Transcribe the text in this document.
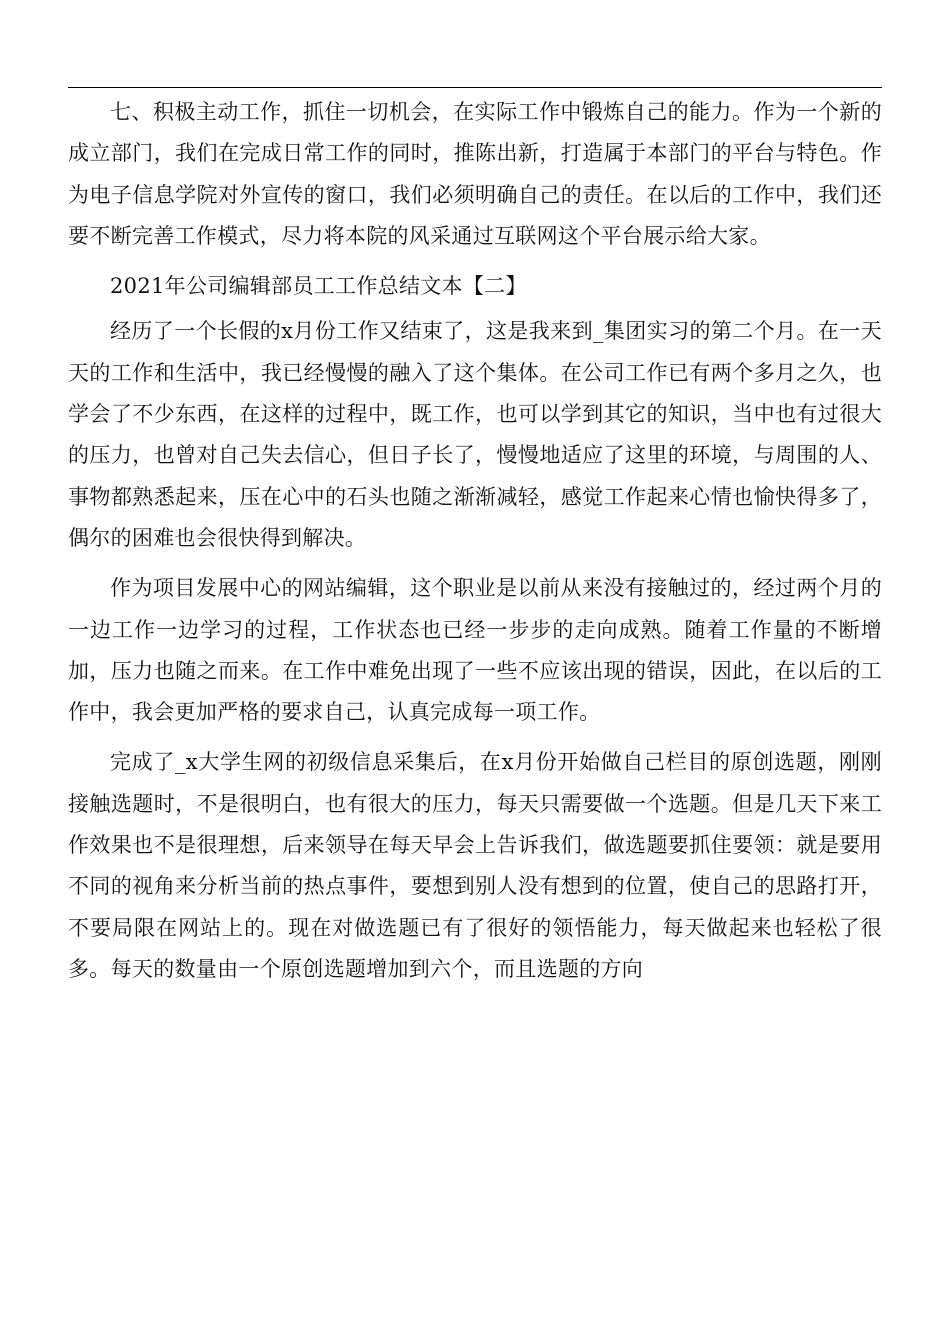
七、积极主动工作，抓住一切机会，在实际工作中锻炼自己的能力。作为一个新的成立部门，我们在完成日常工作的同时，推陈出新，打造属于本部门的平台与特色。作为电子信息学院对外宣传的窗口，我们必须明确自己的责任。在以后的工作中，我们还要不断完善工作模式，尽力将本院的风采通过互联网这个平台展示给大家。

2021年公司编辑部员工工作总结文本【二】

经历了一个长假的x月份工作又结束了，这是我来到_集团实习的第二个月。在一天天的工作和生活中，我已经慢慢的融入了这个集体。在公司工作已有两个多月之久，也学会了不少东西，在这样的过程中，既工作，也可以学到其它的知识，当中也有过很大的压力，也曾对自己失去信心，但日子长了，慢慢地适应了这里的环境，与周围的人、事物都熟悉起来，压在心中的石头也随之渐渐减轻，感觉工作起来心情也愉快得多了，偶尔的困难也会很快得到解决。

作为项目发展中心的网站编辑，这个职业是以前从来没有接触过的，经过两个月的一边工作一边学习的过程，工作状态也已经一步步的走向成熟。随着工作量的不断增加，压力也随之而来。在工作中难免出现了一些不应该出现的错误，因此，在以后的工作中，我会更加严格的要求自己，认真完成每一项工作。

完成了_x大学生网的初级信息采集后，在x月份开始做自己栏目的原创选题，刚刚接触选题时，不是很明白，也有很大的压力，每天只需要做一个选题。但是几天下来工作效果也不是很理想，后来领导在每天早会上告诉我们，做选题要抓住要领：就是要用不同的视角来分析当前的热点事件，要想到别人没有想到的位置，使自己的思路打开，不要局限在网站上的。现在对做选题已有了很好的领悟能力，每天做起来也轻松了很多。每天的数量由一个原创选题增加到六个，而且选题的方向
